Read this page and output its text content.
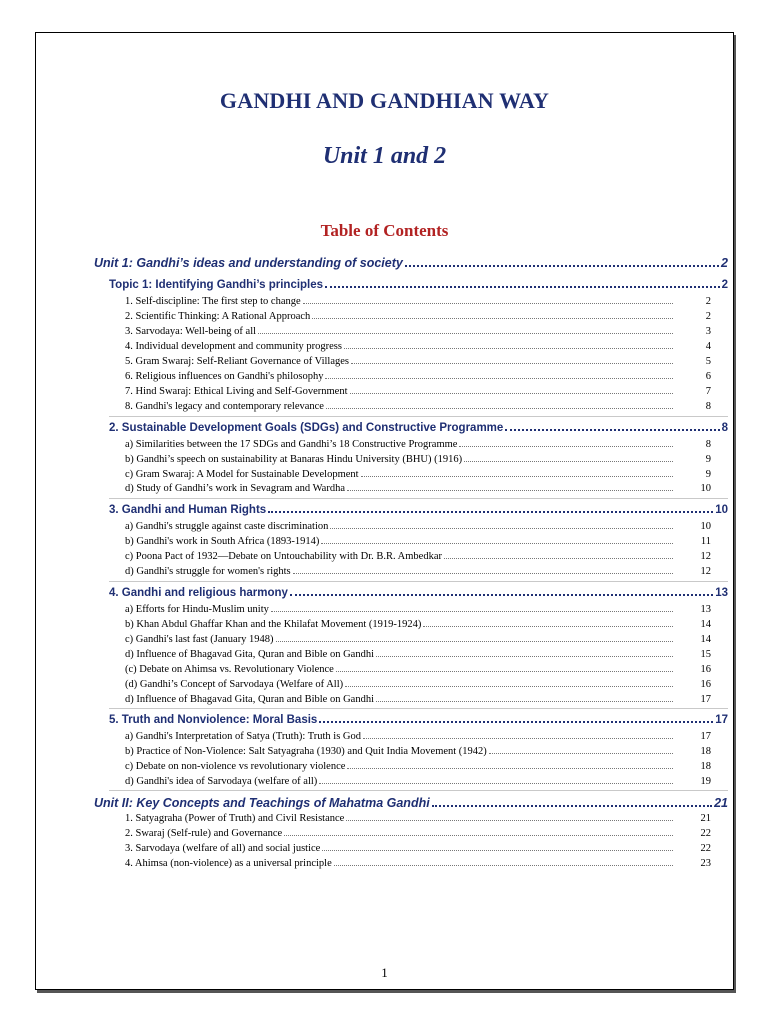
GANDHI AND GANDHIAN WAY
Unit 1 and 2
Table of Contents
Unit 1: Gandhi’s ideas and understanding of society	2
Topic 1: Identifying Gandhi’s principles	2
1. Self-discipline: The first step to change	2
2. Scientific Thinking: A Rational Approach	2
3. Sarvodaya: Well-being of all	3
4. Individual development and community progress	4
5. Gram Swaraj: Self-Reliant Governance of Villages	5
6. Religious influences on Gandhi's philosophy	6
7. Hind Swaraj: Ethical Living and Self-Government	7
8. Gandhi's legacy and contemporary relevance	8
2. Sustainable Development Goals (SDGs) and Constructive Programme	8
a) Similarities between the 17 SDGs and Gandhi’s 18 Constructive Programme	8
b) Gandhi’s speech on sustainability at Banaras Hindu University (BHU) (1916)	9
c) Gram Swaraj: A Model for Sustainable Development	9
d) Study of Gandhi’s work in Sevagram and Wardha	10
3. Gandhi and Human Rights	10
a) Gandhi's struggle against caste discrimination	10
b) Gandhi's work in South Africa (1893-1914)	11
c) Poona Pact of 1932—Debate on Untouchability with Dr. B.R. Ambedkar	12
d) Gandhi's struggle for women's rights	12
4. Gandhi and religious harmony	13
a) Efforts for Hindu-Muslim unity	13
b) Khan Abdul Ghaffar Khan and the Khilafat Movement (1919-1924)	14
c) Gandhi's last fast (January 1948)	14
d) Influence of Bhagavad Gita, Quran and Bible on Gandhi	15
(c) Debate on Ahimsa vs. Revolutionary Violence	16
(d) Gandhi’s Concept of Sarvodaya (Welfare of All)	16
d) Influence of Bhagavad Gita, Quran and Bible on Gandhi	17
5. Truth and Nonviolence: Moral Basis	17
a) Gandhi's Interpretation of Satya (Truth): Truth is God	17
b) Practice of Non-Violence: Salt Satyagraha (1930) and Quit India Movement (1942)	18
c) Debate on non-violence vs revolutionary violence	18
d) Gandhi's idea of Sarvodaya (welfare of all)	19
Unit II: Key Concepts and Teachings of Mahatma Gandhi	21
1. Satyagraha (Power of Truth) and Civil Resistance	21
2. Swaraj (Self-rule) and Governance	22
3. Sarvodaya (welfare of all) and social justice	22
4. Ahimsa (non-violence) as a universal principle	23
1
